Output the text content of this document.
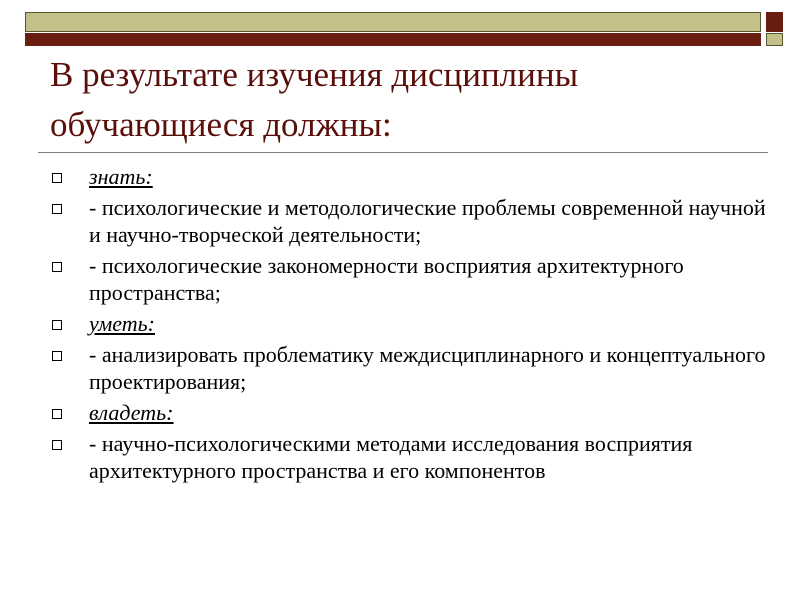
В результате изучения дисциплины
обучающиеся должны:
знать:
- психологические и методологические проблемы современной научной и научно-творческой деятельности;
- психологические закономерности восприятия архитектурного пространства;
уметь:
- анализировать проблематику междисциплинарного и концептуального проектирования;
владеть:
- научно-психологическими методами исследования восприятия архитектурного пространства и его компонентов
